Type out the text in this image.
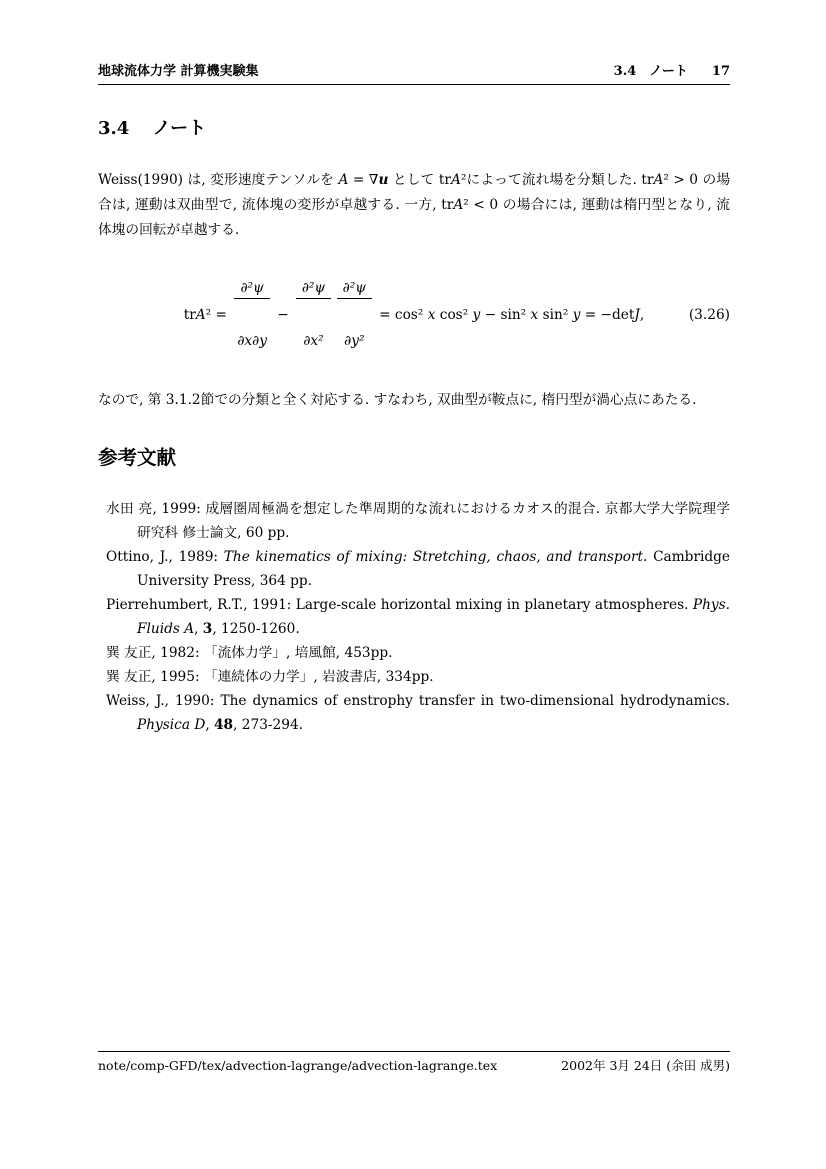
地球流体力学 計算機実験集	3.4　ノート 17
3.4 ノート
Weiss(1990) は, 変形速度テンソルを A = ∇u として trA²によって流れ場を分類した. trA² > 0 の場合は, 運動は双曲型で, 流体塊の変形が卓越する. 一方, trA² < 0 の場合には, 運動は楕円型となり, 流体塊の回転が卓越する.
trA² =

$\frac{\text{∂²ψ}}{\partial x\partial y}$

−

$\frac{\text{∂²ψ}}{\text{∂x²}}$

$\frac{\text{∂²ψ}}{\text{∂y²}}$

= cos² x cos² y − sin² x sin² y = −detJ,	(3.26)
なので, 第 3.1.2節での分類と全く対応する. すなわち, 双曲型が鞍点に, 楕円型が渦心点にあたる.
参考文献
水田 亮, 1999: 成層圏周極渦を想定した準周期的な流れにおけるカオス的混合. 京都大学大学院理学研究科 修士論文, 60 pp.
Ottino, J., 1989: The kinematics of mixing: Stretching, chaos, and transport. Cambridge University Press, 364 pp.
Pierrehumbert, R.T., 1991: Large-scale horizontal mixing in planetary atmospheres. Phys. Fluids A, 3, 1250-1260.
巽 友正, 1982: 「流体力学」, 培風館, 453pp.
巽 友正, 1995: 「連続体の力学」, 岩波書店, 334pp.
Weiss, J., 1990: The dynamics of enstrophy transfer in two-dimensional hydrodynamics. Physica D, 48, 273-294.
note/comp-GFD/tex/advection-lagrange/advection-lagrange.tex	2002年 3月 24日 (余田 成男)
